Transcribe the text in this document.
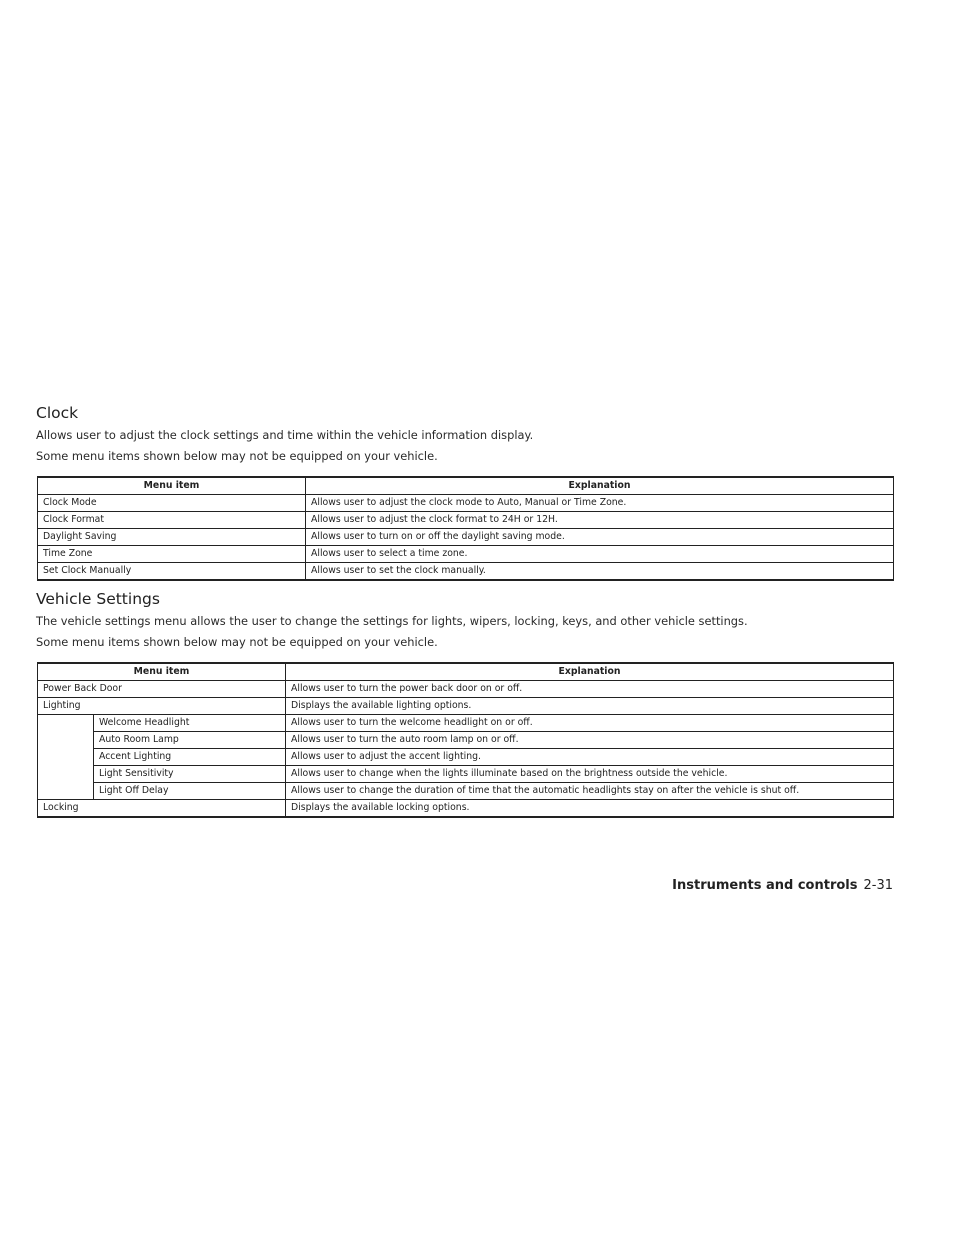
Clock

Allows user to adjust the clock settings and time within the vehicle information display.

Some menu items shown below may not be equipped on your vehicle.

Menu item	Explanation
Clock Mode	Allows user to adjust the clock mode to Auto, Manual or Time Zone.
Clock Format	Allows user to adjust the clock format to 24H or 12H.
Daylight Saving	Allows user to turn on or off the daylight saving mode.
Time Zone	Allows user to select a time zone.
Set Clock Manually	Allows user to set the clock manually.
Vehicle Settings

The vehicle settings menu allows the user to change the settings for lights, wipers, locking, keys, and other vehicle settings.

Some menu items shown below may not be equipped on your vehicle.

Menu item		Explanation
Power Back Door		Allows user to turn the power back door on or off.
Lighting		Displays the available lighting options.
	Welcome Headlight	Allows user to turn the welcome headlight on or off.
	Auto Room Lamp	Allows user to turn the auto room lamp on or off.
	Accent Lighting	Allows user to adjust the accent lighting.
	Light Sensitivity	Allows user to change when the lights illuminate based on the brightness outside the vehicle.
	Light Off Delay	Allows user to change the duration of time that the automatic headlights stay on after the vehicle is shut off.
Locking		Displays the available locking options.
Instruments and controls 2-31
